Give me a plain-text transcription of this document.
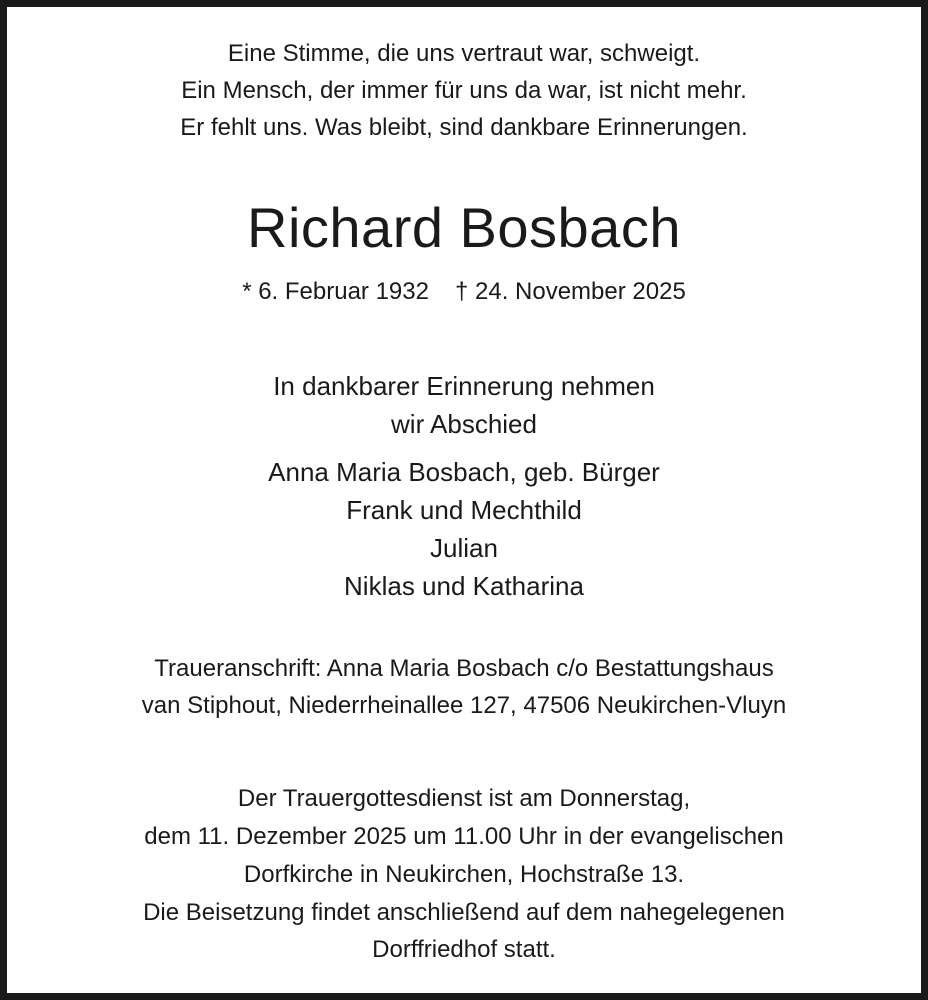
Eine Stimme, die uns vertraut war, schweigt.
Ein Mensch, der immer für uns da war, ist nicht mehr.
Er fehlt uns. Was bleibt, sind dankbare Erinnerungen.
Richard Bosbach
* 6. Februar 1932 † 24. November 2025
In dankbarer Erinnerung nehmen
wir Abschied
Anna Maria Bosbach, geb. Bürger
Frank und Mechthild
Julian
Niklas und Katharina
Traueranschrift: Anna Maria Bosbach c/o Bestattungshaus
van Stiphout, Niederrheinallee 127, 47506 Neukirchen-Vluyn
Der Trauergottesdienst ist am Donnerstag,
dem 11. Dezember 2025 um 11.00 Uhr in der evangelischen
Dorfkirche in Neukirchen, Hochstraße 13.
Die Beisetzung findet anschließend auf dem nahegelegenen
Dorffriedhof statt.
